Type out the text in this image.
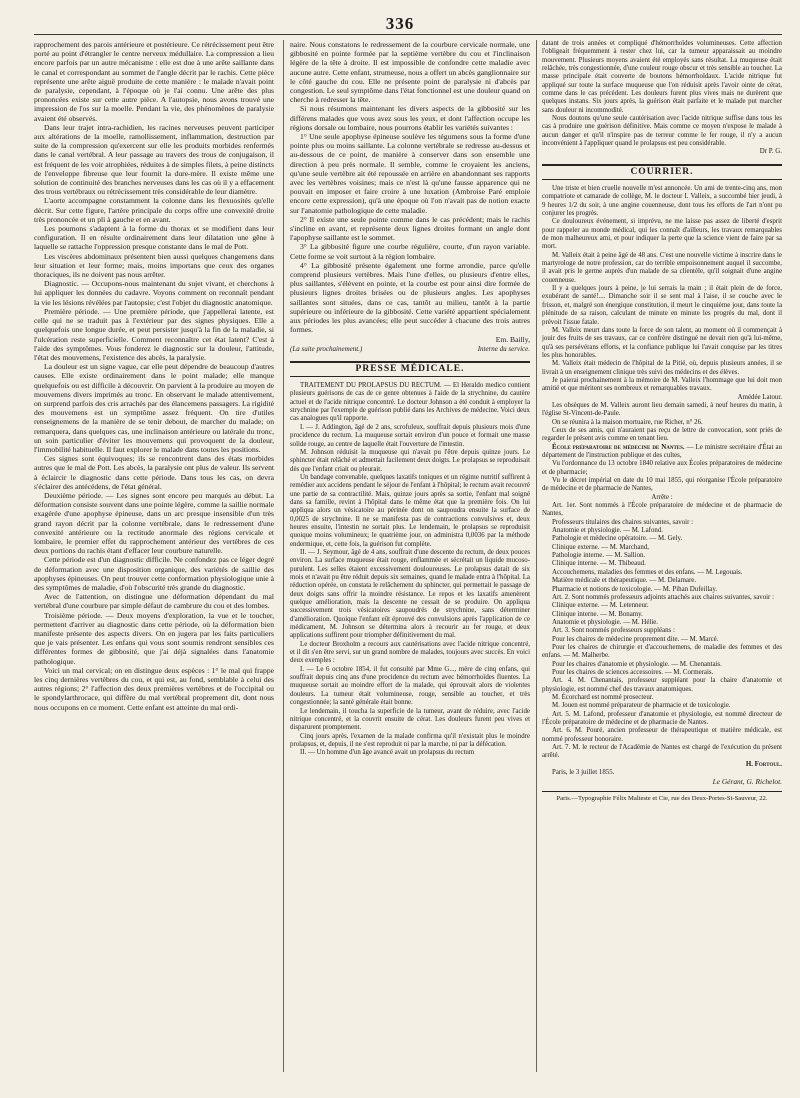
336

rapprochement des parois antérieure et postérieure. Ce rétrécissement peut être porté au point d'étrangler le centre nerveux médullaire. La compression a lieu encore parfois par un autre mécanisme : elle est due à une arête saillante dans le canal et correspondant au sommet de l'angle décrit par le rachis. Cette pièce représente une arête aiguë produite de cette manière : le malade n'avait point de paralysie, cependant, à l'époque où je l'ai connu. Une arête des plus prononcées existe sur cette autre pièce. A l'autopsie, nous avons trouvé une impression de l'os sur la moelle. Pendant la vie, des phénomènes de paralysie avaient été observés.

Dans leur trajet intra-rachidien, les racines nerveuses peuvent participer aux altérations de la moelle, ramollissement, inflammation, destruction par suite de la compression qu'exercent sur elle les produits morbides renfermés dans le canal vertébral. A leur passage au travers des trous de conjugaison, il est fréquent de les voir atrophiées, réduites à de simples filets, à peine distincts de l'enveloppe fibreuse que leur fournit la dure-mère. Il existe même une solution de continuité des branches nerveuses dans les cas où il y a effacement des trous vertébraux ou rétrécissement très considérable de leur diamètre.

L'aorte accompagne constamment la colonne dans les flexuosités qu'elle décrit. Sur cette figure, l'artère principale du corps offre une convexité droite très prononcée et un pli à gauche et en avant.

Les poumons s'adaptent à la forme du thorax et se modifient dans leur configuration. Il en résulte ordinairement dans leur dilatation une gêne à laquelle se rattache l'oppression presque constante dans le mal de Pott.

Les viscères abdominaux présentent bien aussi quelques changemens dans leur situation et leur forme; mais, moins importans que ceux des organes thoraciques, ils ne doivent pas nous arrêter.

Diagnostic. — Occupons-nous maintenant du sujet vivant, et cherchons à lui appliquer les données du cadavre. Voyons comment on reconnaît pendant la vie les lésions révélées par l'autopsie; c'est l'objet du diagnostic anatomique.

Première période. — Une première période, que j'appellerai latente, est celle qui ne se traduit pas à l'extérieur par des signes physiques. Elle a quelquefois une longue durée, et peut persister jusqu'à la fin de la maladie, si l'ulcération reste superficielle. Comment reconnaître cet état latent? C'est à l'aide des symptômes. Vous fonderez le diagnostic sur la douleur, l'attitude, l'état des mouvemens, l'existence des abcès, la paralysie.

La douleur est un signe vague, car elle peut dépendre de beaucoup d'autres causes. Elle existe ordinairement dans le point malade; elle manque quelquefois ou est difficile à découvrir. On parvient à la produire au moyen de mouvemens divers imprimés au tronc. En observant le malade attentivement, on surprend parfois des cris arrachés par des élancemens passagers. La rigidité des mouvemens est un symptôme assez fréquent. On tire d'utiles renseignemens de la manière de se tenir debout, de marcher du malade; on remarquera, dans quelques cas, une inclinaison antérieure ou latérale du tronc, un soin particulier d'éviter les mouvemens qui provoquent de la douleur, l'immobilité habituelle. Il faut explorer le malade dans toutes les positions.

Ces signes sont équivoques; ils se rencontrent dans des états morbides autres que le mal de Pott. Les abcès, la paralysie ont plus de valeur. Ils servent à éclaircir le diagnostic dans cette période. Dans tous les cas, on devra s'éclairer des antécédens, de l'état général.

Deuxième période. — Les signes sont encore peu marqués au début. La déformation consiste souvent dans une pointe légère, comme la saillie normale exagérée d'une apophyse épineuse, dans un arc presque insensible d'un très grand rayon décrit par la colonne vertébrale, dans le redressement d'une convexité antérieure ou la rectitude anormale des régions cervicale et lombaire, le premier effet du rapprochement antérieur des vertèbres de ces deux portions du rachis étant d'effacer leur courbure naturelle.

Cette période est d'un diagnostic difficile. Ne confondez pas ce léger degré de déformation avec une disposition organique, des variétés de saillie des apophyses épineuses. On peut trouver cette conformation physiologique unie à des symptômes de maladie, d'où l'obscurité très grande du diagnostic.

Avec de l'attention, on distingue une déformation dépendant du mal vertébral d'une courbure par simple défaut de cambrure du cou et des lombes.

Troisième période. — Deux moyens d'exploration, la vue et le toucher, permettent d'arriver au diagnostic dans cette période, où la déformation bien manifeste présente des aspects divers. On en jugera par les faits particuliers que je vais présenter. Les enfans qui vous sont soumis rendront sensibles ces différentes formes de gibbosité, que j'ai déjà signalées dans l'anatomie pathologique.

Voici un mal cervical; on en distingue deux espèces : 1° le mal qui frappe les cinq dernières vertèbres du cou, et qui est, au fond, semblable à celui des autres régions; 2° l'affection des deux premières vertèbres et de l'occipital ou le spondylarthrocace, qui diffère du mal vertébral proprement dit, dont nous nous occupons en ce moment. Cette enfant est atteinte du mal ordi-

naire. Nous constatons le redressement de la courbure cervicale normale, une gibbosité en pointe formée par la septième vertèbre du cou et l'inclinaison légère de la tête à droite. Il est impossible de confondre cette maladie avec aucune autre. Cette enfant, strumeuse, nous a offert un abcès ganglionnaire sur le côté gauche du cou. Elle ne présente point de paralysie ni d'abcès par congestion. Le seul symptôme dans l'état fonctionnel est une douleur quand on cherche à redresser la tête.

Si nous résumons maintenant les divers aspects de la gibbosité sur les différens malades que vous avez sous les yeux, et dont l'affection occupe les régions dorsale ou lombaire, nous pourrons établir les variétés suivantes :

1° Une seule apophyse épineuse soulève les tégumens sous la forme d'une pointe plus ou moins saillante. La colonne vertébrale se redresse au-dessus et au-dessous de ce point, de manière à conserver dans son ensemble une direction à peu près normale. Il semble, comme le croyaient les anciens, qu'une seule vertèbre ait été repoussée en arrière en abandonnant ses rapports avec les vertèbres voisines; mais ce n'est là qu'une fausse apparence qui ne pouvait en imposer et faire croire à une luxation (Ambroise Paré emploie encore cette expression), qu'à une époque où l'on n'avait pas de notion exacte sur l'anatomie pathologique de cette maladie.

2° Il existe une seule pointe comme dans le cas précédent; mais le rachis s'incline en avant, et représente deux lignes droites formant un angle dont l'apophyse saillante est le sommet.

3° La gibbosité figure une courbe régulière, courte, d'un rayon variable. Cette forme se voit surtout à la région lombaire.

4° La gibbosité présente également une forme arrondie, parce qu'elle comprend plusieurs vertèbres. Mais l'une d'elles, ou plusieurs d'entre elles, plus saillantes, s'élèvent en pointe, et la courbe est pour ainsi dire formée de plusieurs lignes droites brisées ou de plusieurs angles. Les apophyses saillantes sont situées, dans ce cas, tantôt au milieu, tantôt à la partie supérieure ou inférieure de la gibbosité. Cette variété appartient spécialement aux périodes les plus avancées; elle peut succéder à chacune des trois autres formes.

Em. Bailly,

(La suite prochainement.)	Interne du service.
PRESSE MÉDICALE.

TRAITEMENT DU PROLAPSUS DU RECTUM. — El Heraldo medico contient plusieurs guérisons de cas de ce genre obtenues à l'aide de la strychnine, du cautère actuel et de l'acide nitrique concentré. Le docteur Johnson a été conduit à employer la strychnine par l'exemple de guérison publié dans les Archives de médecine. Voici deux cas analogues qu'il rapporte.

I. — J. Addington, âgé de 2 ans, scrofuleux, souffrait depuis plusieurs mois d'une procidence du rectum. La muqueuse sortait environ d'un pouce et formait une masse solide rouge, au centre de laquelle était l'ouverture de l'intestin.

M. Johnson réduisit la muqueuse qui n'avait pu l'être depuis quinze jours. Le sphincter était relâché et admettait facilement deux doigts. Le prolapsus se reproduisait dès que l'enfant criait ou pleurait.

Un bandage convenable, quelques laxatifs toniques et un régime nutritif suffirent à remédier aux accidens pendant le séjour de l'enfant à l'hôpital; le rectum avait recouvré une partie de sa contractilité. Mais, quinze jours après sa sortie, l'enfant mal soigné dans sa famille, revint à l'hôpital dans le même état que la première fois. On lui appliqua alors un vésicatoire au périnée dont on saupoudra ensuite la surface de 0,0025 de strychnine. Il ne se manifesta pas de contractions convulsives et, deux heures ensuite, l'intestin ne sortait plus. Le lendemain, le prolapsus se reproduisit quoique moins volumineux; le quatrième jour, on administra 0,0036 par la méthode endermique, et, cette fois, la guérison fut complète.

II. — J. Seymour, âgé de 4 ans, souffrait d'une descente du rectum, de deux pouces environ. La surface muqueuse était rouge, enflammée et sécrétait un liquide mucoso-purulent. Les selles étaient excessivement douloureuses. Le prolapsus datait de six mois et n'avait pu être réduit depuis six semaines, quand le malade entra à l'hôpital. La réduction opérée, on constata le relâchement du sphincter, qui permettait le passage de deux doigts sans offrir la moindre résistance. Le repos et les laxatifs amenèrent quelque amélioration, mais la descente ne cessait de se produire. On appliqua successivement trois vésicatoires saupoudrés de strychnine, sans déterminer d'amélioration. Quoique l'enfant eût éprouvé des convulsions après l'application de ce médicament, M. Johnson se détermina alors à recourir au fer rouge, et deux applications suffirent pour triompher définitivement du mal.

Le docteur Broxholm a recours aux cautérisations avec l'acide nitrique concentré, et il dit s'en être servi, sur un grand nombre de malades, toujours avec succès. En voici deux exemples :

I. — Le 6 octobre 1854, il fut consulté par Mme G..., mère de cinq enfans, qui souffrait depuis cinq ans d'une procidence du rectum avec hémorrhoïdes fluentes. La muqueuse sortait au moindre effort de la malade, qui éprouvait alors de violentes douleurs. La tumeur était volumineuse, rouge, sensible au toucher, et très congestionnée; la santé générale était bonne.

Le lendemain, il toucha la superficie de la tumeur, avant de réduire, avec l'acide nitrique concentré, et la couvrit ensuite de cérat. Les douleurs furent peu vives et disparurent promptement.

Cinq jours après, l'examen de la malade confirma qu'il n'existait plus le moindre prolapsus, et, depuis, il ne s'est reproduit ni par la marche, ni par la défécation.

II. — Un homme d'un âge avancé avait un prolapsus du rectum

datant de trois années et compliqué d'hémorrhoïdes volumineuses. Cette affection l'obligeait fréquemment à rester chez lui, car la tumeur apparaissait au moindre mouvement. Plusieurs moyens avaient été employés sans résultat. La muqueuse était relâchée, très congestionnée, d'une couleur rouge obscur et très sensible au toucher. La masse principale était couverte de boutons hémorrhoïdaux. L'acide nitrique fut appliqué sur toute la surface muqueuse que l'on réduisit après l'avoir ointe de cérat, comme dans le cas précédent. Les douleurs furent plus vives mais ne durèrent que quelques instans. Six jours après, la guérison était parfaite et le malade put marcher sans douleur ni incommodité.

Nous doutons qu'une seule cautérisation avec l'acide nitrique suffise dans tous les cas à produire une guérison définitive. Mais comme ce moyen n'expose le malade à aucun danger et qu'il n'inspire pas de terreur comme le fer rouge, il n'y a aucun inconvénient à l'appliquer quand le prolapsus est peu considérable.

Dr P. G.

COURRIER.

Une triste et bien cruelle nouvelle m'est annoncée. Un ami de trente-cinq ans, mon compatriote et camarade de collège, M. le docteur I. Valleix, a succombé hier jeudi, à 9 heures 1/2 du soir, à une angine couenneuse, dont tous les efforts de l'art n'ont pu conjurer les progrès.

Ce douloureux événement, si imprévu, ne me laisse pas assez de liberté d'esprit pour rappeler au monde médical, qui les connaît d'ailleurs, les travaux remarquables de mon malheureux ami, et pour indiquer la perte que la science vient de faire par sa mort.

M. Valleix était à peine âgé de 48 ans. C'est une nouvelle victime à inscrire dans le martyrologe de notre profession, car do terrible empoisonnement auquel il succombe, il avait pris le germe auprès d'un malade de sa clientèle, qu'il soignait d'une angine couenneuse.

Il y a quelques jours à peine, je lui serrais la main ; il était plein de de force, exubérant de santé!.... Dimanche soir il se sent mal à l'aise, il se couche avec le frisson, et, malgré son énergique constitution, il meurt le cinquième jour, dans toute la plénitude de sa raison, calculant de minute en minute les progrès du mal, dont il prévoit l'issue fatale.

M. Valleix meurt dans toute la force de son talent, au moment où il commençait à jouir des fruits de ses travaux, car ce confrère distingué ne devait rien qu'à lui-même, qu'à ses persévérans efforts, et la confiance publique lui l'avait conquise par les titres les plus honorables.

M. Valleix était médecin de l'hôpital de la Pitié, où, depuis plusieurs années, il se livrait à un enseignement clinique très suivi des médecins et des élèves.

Je paierai prochainement à la mémoire de M. Valleix l'hommage que lui doit mon amitié et que méritent ses nombreux et remarquables travaux.

Amédée Latour.

Les obsèques de M. Valleix auront lieu demain samedi, à neuf heures du matin, à l'église St-Vincent-de-Paule.

On se réunira à la maison mortuaire, rue Richer, n° 26.

Ceux de ses amis, qui n'auraient pas reçu de lettre de convocation, sont priés de regarder le présent avis comme en tenant lieu.

École préparatoire de médecine de Nantes. — Le ministre secrétaire d'État au département de l'instruction publique et des cultes,

Vu l'ordonnance du 13 octobre 1840 relative aux Écoles préparatoires de médecine et de pharmacie;

Vu le décret impérial en date du 10 mai 1855, qui réorganise l'École préparatoire de médecine et de pharmacie de Nantes,

Arrête :

Art. 1er. Sont nommés à l'École préparatoire de médecine et de pharmacie de Nantes,

Professeurs titulaires des chaires suivantes, savoir :

Anatomie et physiologie. — M. Lafond.

Pathologie et médecine opératoire. — M. Gely.

Clinique externe. — M. Marchand,

Pathologie interne. — M. Sallion.

Clinique interne. — M. Thibeaud.

Accouchemens, maladies des femmes et des enfans. — M. Legouais.

Matière médicale et thérapeutique. — M. Delamare.

Pharmacie et notions de toxicologie. — M. Pihan Dufeillay.

Art. 2. Sont nommés professeurs adjoints attachés aux chaires suivantes, savoir :

Clinique externe. — M. Letenneur.

Clinique interne. — M. Bonamy.

Anatomie et physiologie. — M. Hélie.

Art. 3. Sont nommés professeurs suppléans :

Pour les chaires de médecine proprement dite. — M. Marcé.

Pour les chaires de chirurgie et d'accouchemens, de maladie des femmes et des enfans. — M. Malherbe.

Pour les chaires d'anatomie et physiologie. — M. Chenantais.

Pour les chaires de sciences accessoires. — M. Cormerais.

Art. 4. M. Chenantais, professeur suppléant pour la chaire d'anatomie et physiologie, est nommé chef des travaux anatomiques.

M. Écorchard est nommé prosecteur.

M. Jouen est nommé préparateur de pharmacie et de toxicologie.

Art. 5. M. Lafond, professeur d'anatomie et physiologie, est nommé directeur de l'École préparatoire de médecine et de pharmacie de Nantes.

Art. 6. M. Pouré, ancien professeur de thérapeutique et matière médicale, est nommé professeur honoraire.

Art. 7. M. le recteur de l'Académie de Nantes est chargé de l'exécution du présent arrêté.

H. Fortoul.

Paris, le 3 juillet 1855.

Le Gérant, G. Richelot.

Paris.—Typographie Félix Malteste et Cie, rue des Deux-Portes-St-Sauveur, 22.
